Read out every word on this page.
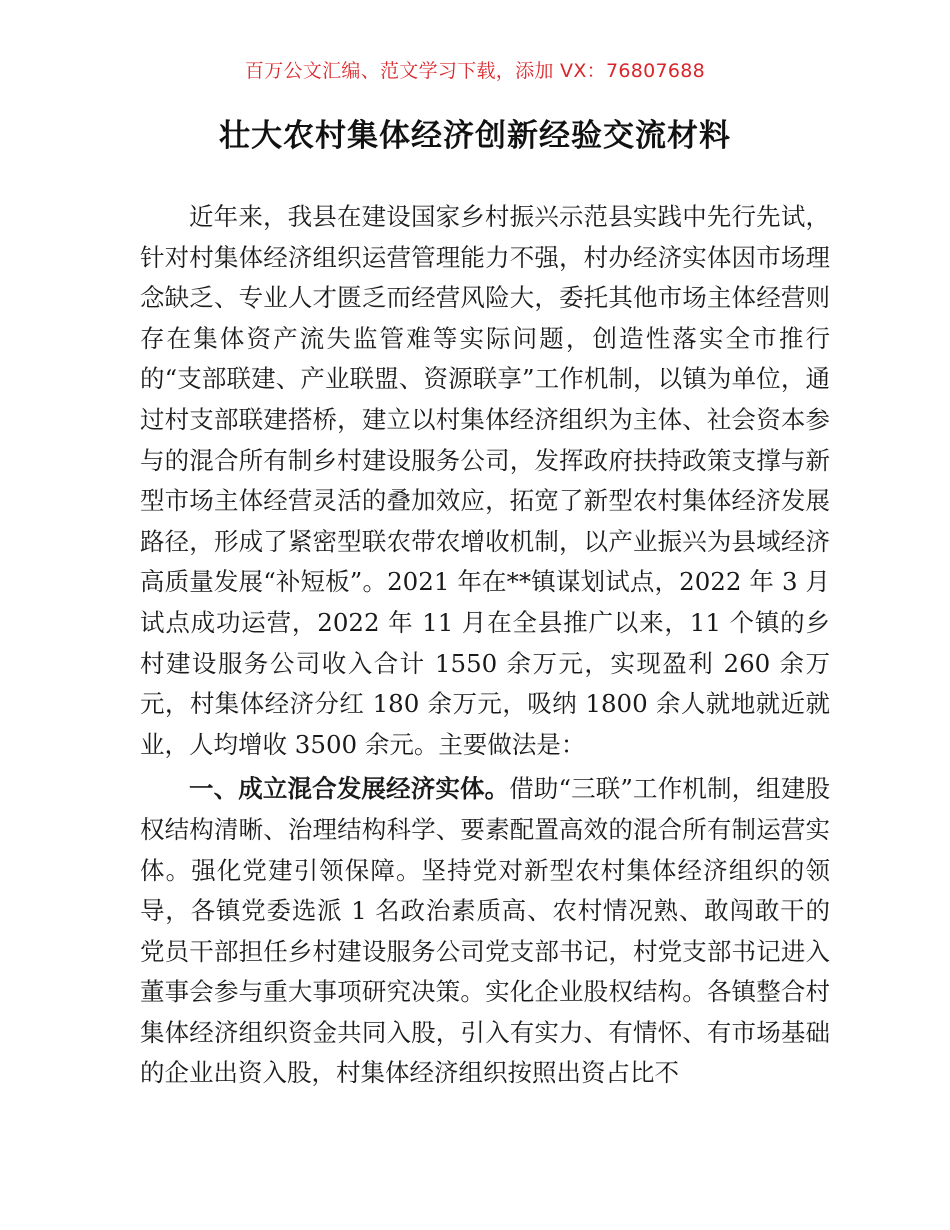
百万公文汇编、范文学习下载，添加 VX：76807688
壮大农村集体经济创新经验交流材料

近年来，我县在建设国家乡村振兴示范县实践中先行先试，针对村集体经济组织运营管理能力不强，村办经济实体因市场理念缺乏、专业人才匮乏而经营风险大，委托其他市场主体经营则存在集体资产流失监管难等实际问题，创造性落实全市推行的“支部联建、产业联盟、资源联享”工作机制，以镇为单位，通过村支部联建搭桥，建立以村集体经济组织为主体、社会资本参与的混合所有制乡村建设服务公司，发挥政府扶持政策支撑与新型市场主体经营灵活的叠加效应，拓宽了新型农村集体经济发展路径，形成了紧密型联农带农增收机制，以产业振兴为县域经济高质量发展“补短板”。2021 年在**镇谋划试点，2022 年 3 月试点成功运营，2022 年 11 月在全县推广以来，11 个镇的乡村建设服务公司收入合计 1550 余万元，实现盈利 260 余万元，村集体经济分红 180 余万元，吸纳 1800 余人就地就近就业，人均增收 3500 余元。主要做法是：

一、成立混合发展经济实体。借助“三联”工作机制，组建股权结构清晰、治理结构科学、要素配置高效的混合所有制运营实体。强化党建引领保障。坚持党对新型农村集体经济组织的领导，各镇党委选派 1 名政治素质高、农村情况熟、敢闯敢干的党员干部担任乡村建设服务公司党支部书记，村党支部书记进入董事会参与重大事项研究决策。实化企业股权结构。各镇整合村集体经济组织资金共同入股，引入有实力、有情怀、有市场基础的企业出资入股，村集体经济组织按照出资占比不
